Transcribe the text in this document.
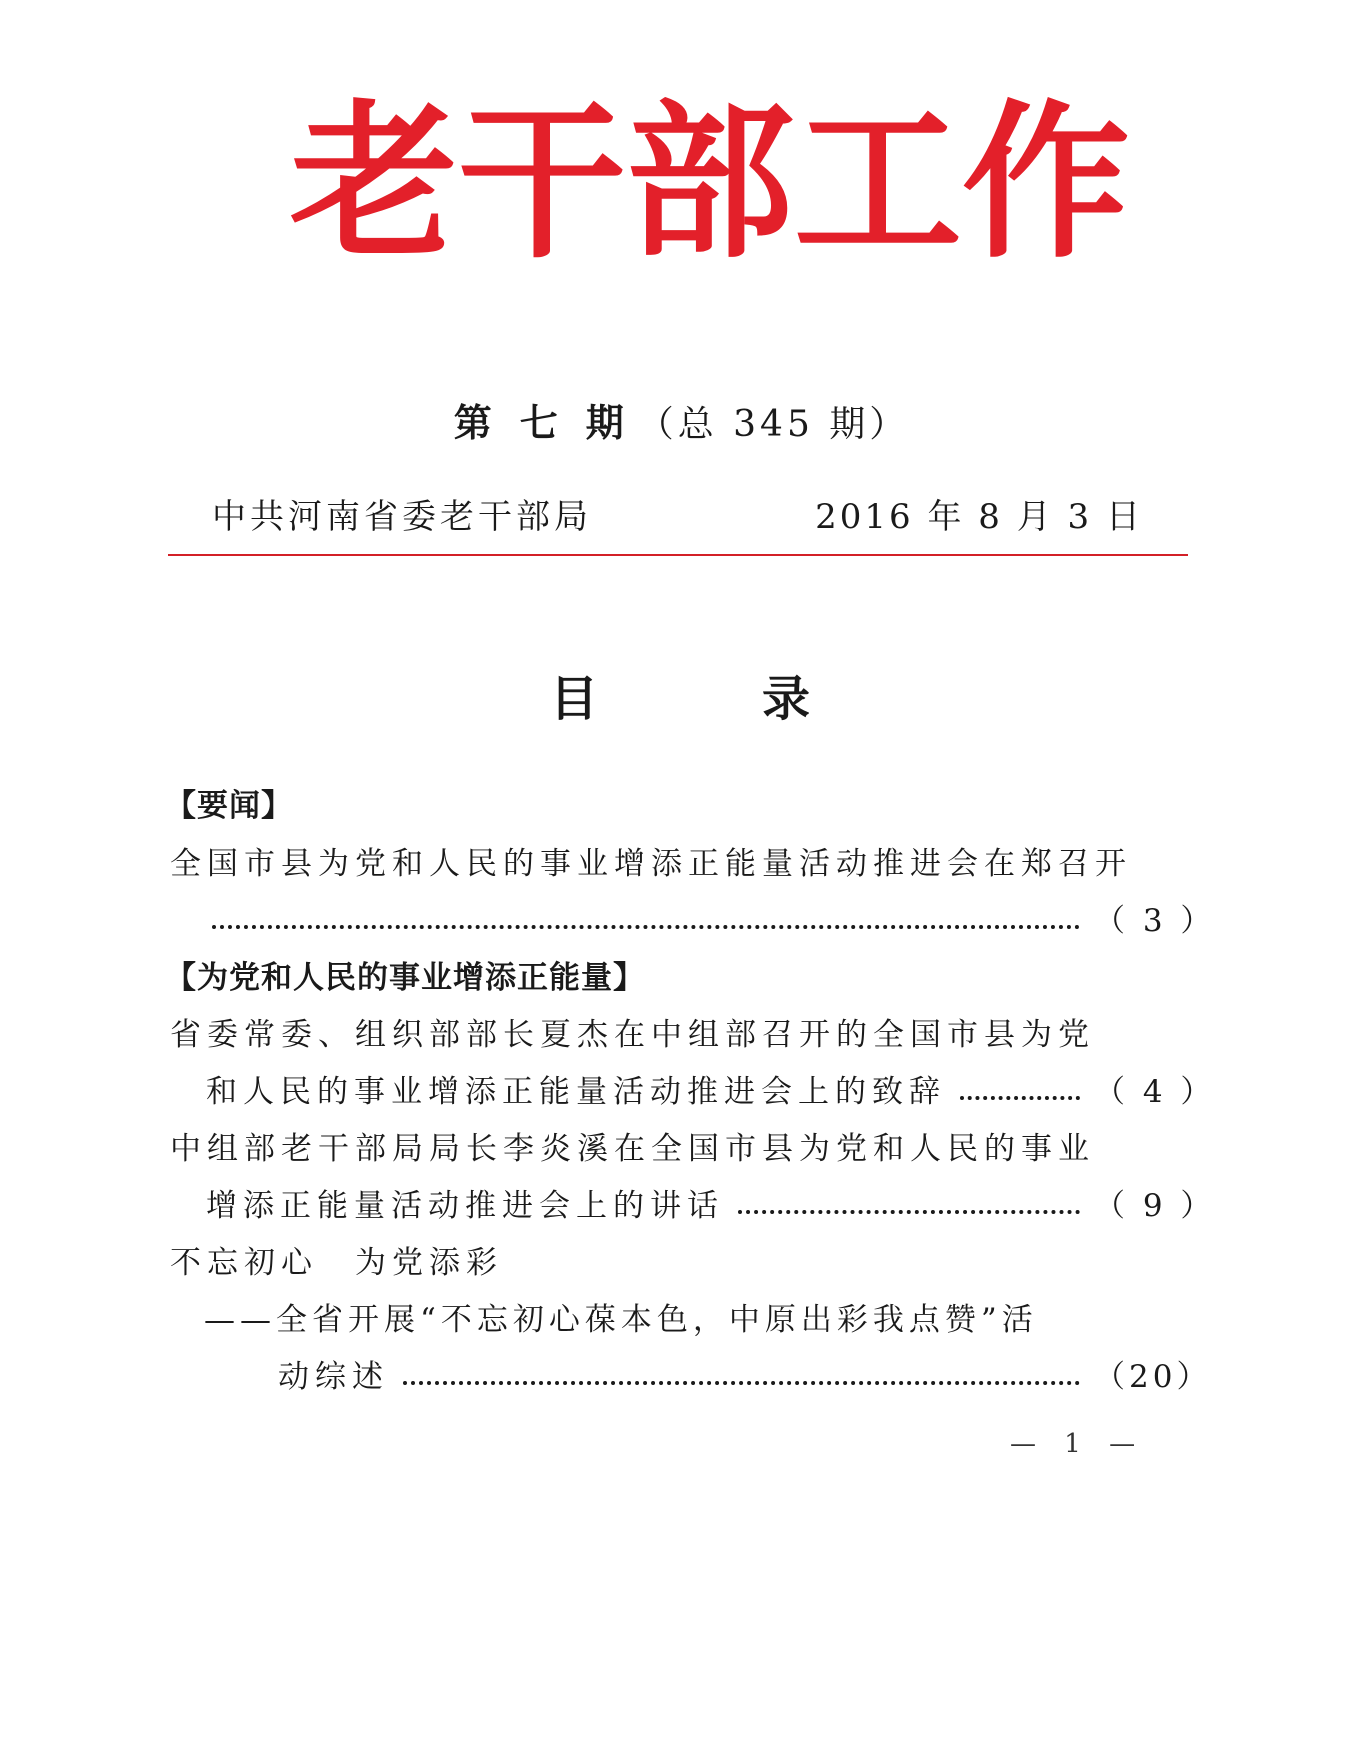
老 干 部 工 作
第七期（总 345 期）
中共河南省委老干部局	2016 年 8 月 3 日
目	录
【要闻】
全国市县为党和人民的事业增添正能量活动推进会在郑召开
（ 3 ）
【为党和人民的事业增添正能量】
省委常委、组织部部长夏杰在中组部召开的全国市县为党
和人民的事业增添正能量活动推进会上的致辞	（ 4 ）
中组部老干部局局长李炎溪在全国市县为党和人民的事业
增添正能量活动推进会上的讲话	（ 9 ）
不忘初心　为党添彩
——全省开展“不忘初心葆本色，中原出彩我点赞”活
动综述	（20）
— 1 —
